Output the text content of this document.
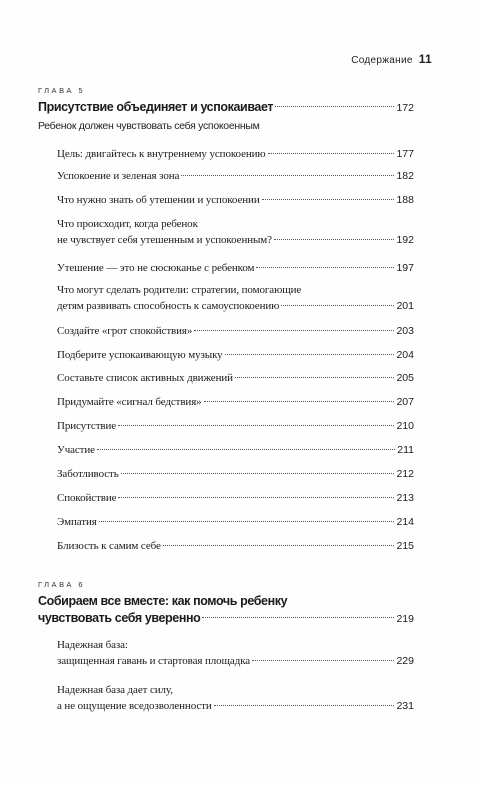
Содержание 11
ГЛАВА 5
Присутствие объединяет и успокаивает	172
Ребенок должен чувствовать себя успокоенным
Цель: двигайтесь к внутреннему успокоению	177
Успокоение и зеленая зона	182
Что нужно знать об утешении и успокоении	188
Что происходит, когда ребенок
не чувствует себя утешенным и успокоенным?	192
Утешение — это не сюсюканье с ребенком	197
Что могут сделать родители: стратегии, помогающие
детям развивать способность к самоуспокоению	201
Создайте «грот спокойствия»	203
Подберите успокаивающую музыку	204
Составьте список активных движений	205
Придумайте «сигнал бедствия»	207
Присутствие	210
Участие	211
Заботливость	212
Спокойствие	213
Эмпатия	214
Близость к самим себе	215
ГЛАВА 6
Собираем все вместе: как помочь ребенку
чувствовать себя уверенно	219
Надежная база:
защищенная гавань и стартовая площадка	229
Надежная база дает силу,
а не ощущение вседозволенности	231
